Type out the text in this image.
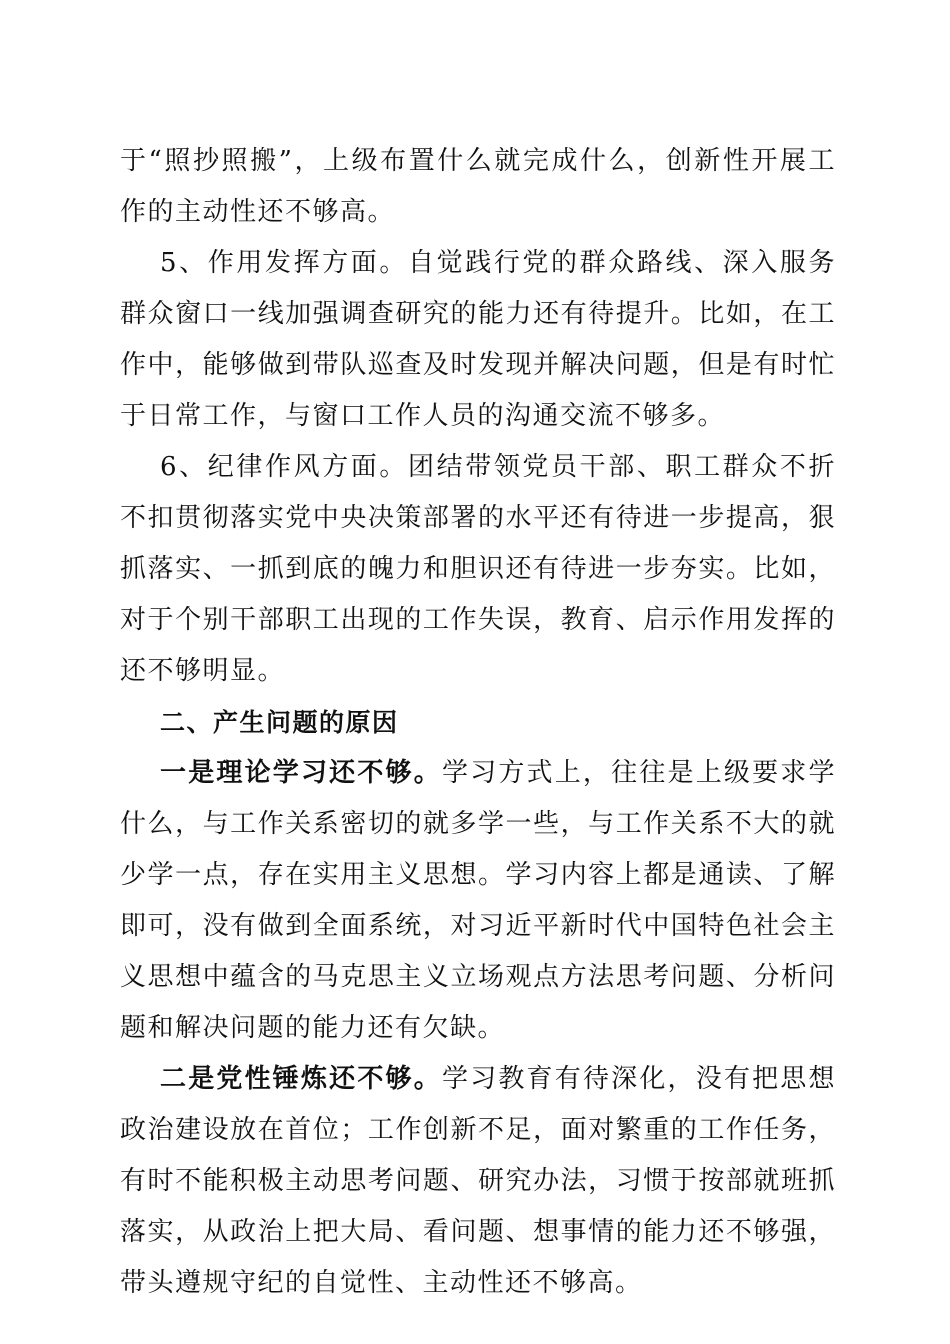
于“照抄照搬”，上级布置什么就完成什么，创新性开展工作的主动性还不够高。

5、作用发挥方面。自觉践行党的群众路线、深入服务群众窗口一线加强调查研究的能力还有待提升。比如，在工作中，能够做到带队巡查及时发现并解决问题，但是有时忙于日常工作，与窗口工作人员的沟通交流不够多。

6、纪律作风方面。团结带领党员干部、职工群众不折不扣贯彻落实党中央决策部署的水平还有待进一步提高，狠抓落实、一抓到底的魄力和胆识还有待进一步夯实。比如，对于个别干部职工出现的工作失误，教育、启示作用发挥的还不够明显。

二、产生问题的原因

一是理论学习还不够。学习方式上，往往是上级要求学什么，与工作关系密切的就多学一些，与工作关系不大的就少学一点，存在实用主义思想。学习内容上都是通读、了解即可，没有做到全面系统，对习近平新时代中国特色社会主义思想中蕴含的马克思主义立场观点方法思考问题、分析问题和解决问题的能力还有欠缺。

二是党性锤炼还不够。学习教育有待深化，没有把思想政治建设放在首位；工作创新不足，面对繁重的工作任务，有时不能积极主动思考问题、研究办法，习惯于按部就班抓落实，从政治上把大局、看问题、想事情的能力还不够强，带头遵规守纪的自觉性、主动性还不够高。
